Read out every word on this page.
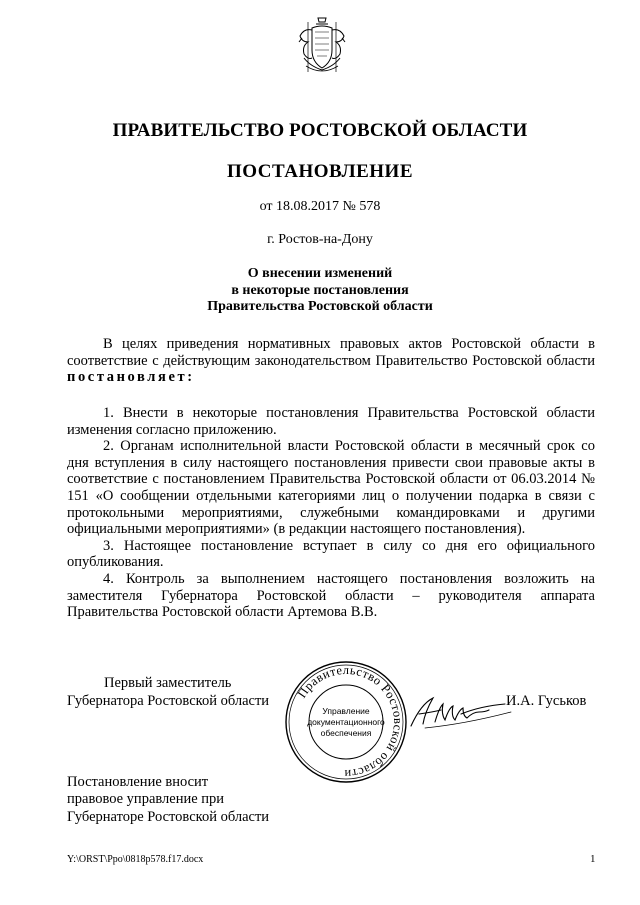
ПРАВИТЕЛЬСТВО РОСТОВСКОЙ ОБЛАСТИ
ПОСТАНОВЛЕНИЕ
от 18.08.2017 № 578
г. Ростов-на-Дону
О внесении изменений
в некоторые постановления
Правительства Ростовской области

В целях приведения нормативных правовых актов Ростовской области в соответствие с действующим законодательством Правительство Ростовской области постановляет:

1. Внести в некоторые постановления Правительства Ростовской области изменения согласно приложению.

2. Органам исполнительной власти Ростовской области в месячный срок со дня вступления в силу настоящего постановления привести свои правовые акты в соответствие с постановлением Правительства Ростовской области от 06.03.2014 № 151 «О сообщении отдельными категориями лиц о получении подарка в связи с протокольными мероприятиями, служебными командировками и другими официальными мероприятиями» (в редакции настоящего постановления).

3. Настоящее постановление вступает в силу со дня его официального опубликования.

4. Контроль за выполнением настоящего постановления возложить на заместителя Губернатора Ростовской области – руководителя аппарата Правительства Ростовской области Артемова В.В.

Первый заместитель
Губернатора Ростовской области Правительство Ростовской области
Управление
документационного
обеспечения
И.А. Гуськов
Постановление вносит
правовое управление при
Губернаторе Ростовской области
Y:\ORST\Ppo\0818p578.f17.docx	1
